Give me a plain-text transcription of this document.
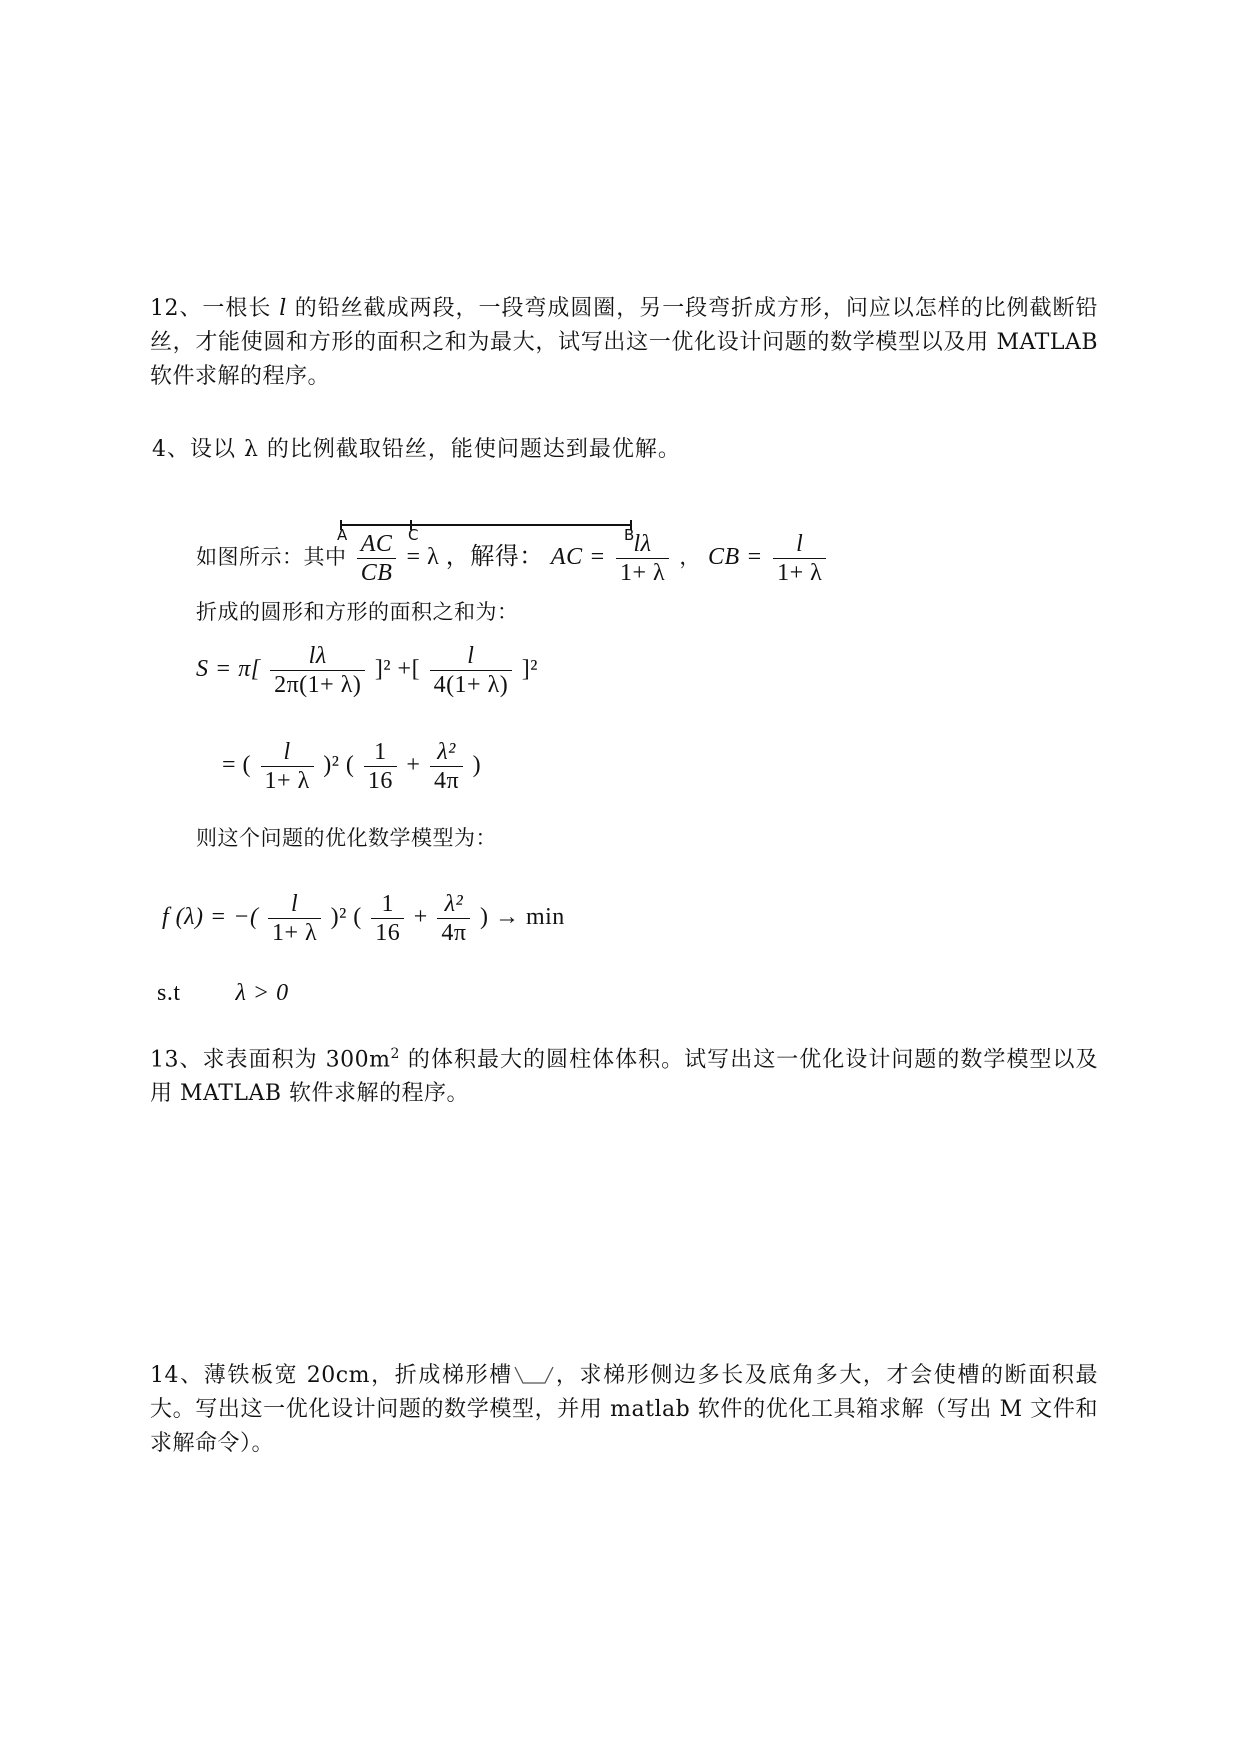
12、一根长 l 的铅丝截成两段，一段弯成圆圈，另一段弯折成方形，问应以怎样的比例截断铅丝，才能使圆和方形的面积之和为最大，试写出这一优化设计问题的数学模型以及用 MATLAB 软件求解的程序。
4、设以 λ 的比例截取铅丝，能使问题达到最优解。
A	C	B
如图所示：其中 $\frac{AC}{CB} = \lambda$ ，解得： AC = $\frac{l\lambda}{1+ \lambda}$ ， CB = $\frac{l}{1+ \lambda}$
折成的圆形和方形的面积之和为：
$S = \pi[ \frac{l\lambda}{2\pi(1+ \lambda)} ]^2$ +[ $\frac{l}{4(1+ \lambda)} ]^2$
= ( $\frac{l}{1+ \lambda} )^2$ ( $\frac{1}{16} + \frac{\text{λ²}}{4\pi}$ )
则这个问题的优化数学模型为：
f (λ) = −( $\frac{l}{1+ \lambda} )^2$ ( $\frac{1}{16} + \frac{\text{λ²}}{4\pi}$ ) → min
s.t λ > 0
13、求表面积为 $300m^2$ 的体积最大的圆柱体体积。试写出这一优化设计问题的数学模型以及用 MATLAB 软件求解的程序。
14、薄铁板宽 20cm，折成梯形槽 ，求梯形侧边多长及底角多大，才会使槽的断面积最大。写出这一优化设计问题的数学模型，并用 matlab 软件的优化工具箱求解（写出 M 文件和求解命令）。
